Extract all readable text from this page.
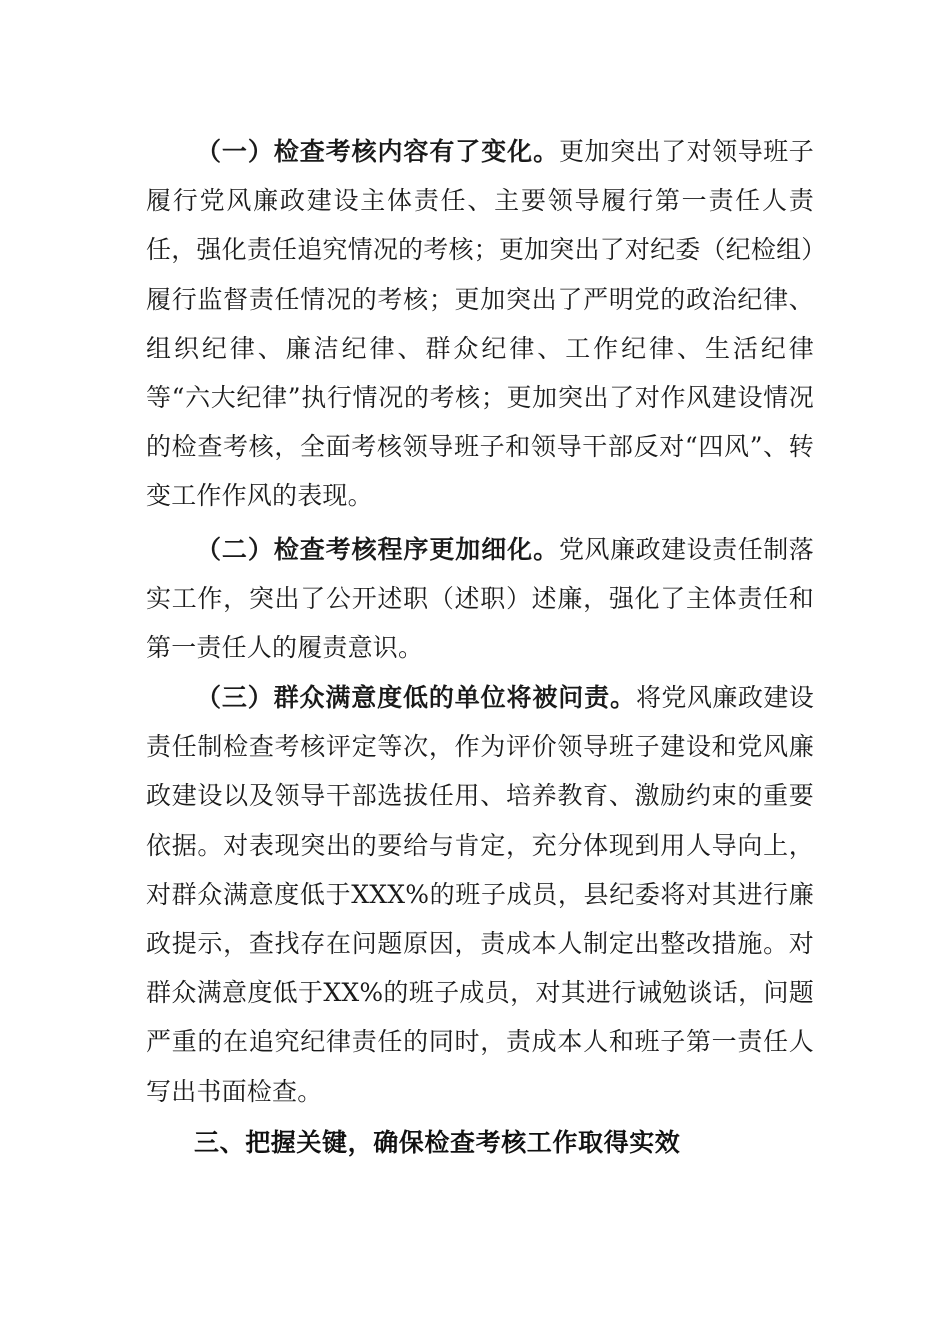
（一）检查考核内容有了变化。更加突出了对领导班子履行党风廉政建设主体责任、主要领导履行第一责任人责任，强化责任追究情况的考核；更加突出了对纪委（纪检组）履行监督责任情况的考核；更加突出了严明党的政治纪律、组织纪律、廉洁纪律、群众纪律、工作纪律、生活纪律等“六大纪律”执行情况的考核；更加突出了对作风建设情况的检查考核，全面考核领导班子和领导干部反对“四风”、转变工作作风的表现。

（二）检查考核程序更加细化。党风廉政建设责任制落实工作，突出了公开述职（述职）述廉，强化了主体责任和第一责任人的履责意识。

（三）群众满意度低的单位将被问责。将党风廉政建设责任制检查考核评定等次，作为评价领导班子建设和党风廉政建设以及领导干部选拔任用、培养教育、激励约束的重要依据。对表现突出的要给与肯定，充分体现到用人导向上，对群众满意度低于XXX%的班子成员，县纪委将对其进行廉政提示，查找存在问题原因，责成本人制定出整改措施。对群众满意度低于XX%的班子成员，对其进行诫勉谈话，问题严重的在追究纪律责任的同时，责成本人和班子第一责任人写出书面检查。

三、把握关键，确保检查考核工作取得实效
